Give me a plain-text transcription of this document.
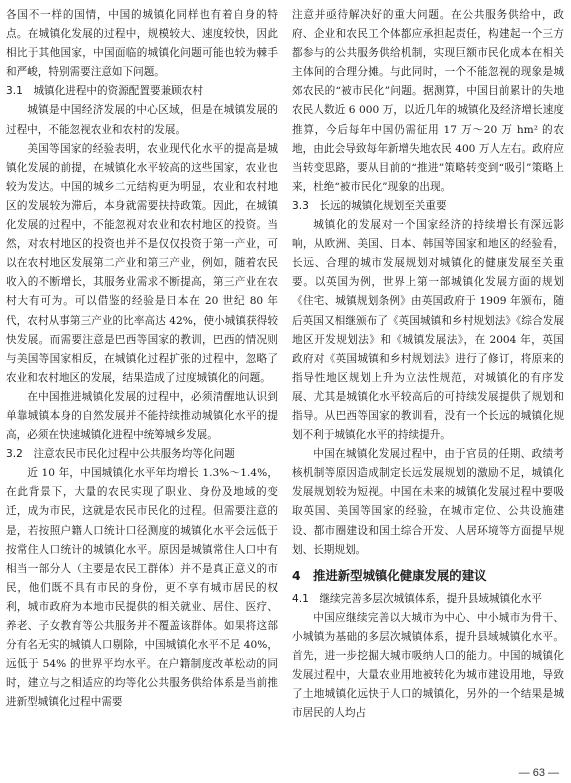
各国不一样的国情，中国的城镇化同样也有着自身的特点。在城镇化发展的过程中，规模较大、速度较快，因此相比于其他国家，中国面临的城镇化问题可能也较为棘手和严峻，特别需要注意如下问题。

3.1　城镇化进程中的资源配置要兼顾农村

城镇是中国经济发展的中心区域，但是在城镇发展的过程中，不能忽视农业和农村的发展。

美国等国家的经验表明，农业现代化水平的提高是城镇化发展的前提，在城镇化水平较高的这些国家，农业也较为发达。中国的城乡二元结构更为明显，农业和农村地区的发展较为滞后，本身就需要扶持政策。因此，在城镇化发展的过程中，不能忽视对农业和农村地区的投资。当然，对农村地区的投资也并不是仅仅投资于第一产业，可以在农村地区发展第二产业和第三产业，例如，随着农民收入的不断增长，其服务业需求不断提高，第三产业在农村大有可为。可以借鉴的经验是日本在 20 世纪 80 年代，农村从事第三产业的比率高达 42%，使小城镇获得较快发展。而需要注意是巴西等国家的教训，巴西的情况则与美国等国家相反，在城镇化过程扩张的过程中，忽略了农业和农村地区的发展，结果造成了过度城镇化的问题。

在中国推进城镇化发展的过程中，必须清醒地认识到单靠城镇本身的自然发展并不能持续推动城镇化水平的提高，必须在快速城镇化进程中统筹城乡发展。

3.2　注意农民市民化过程中公共服务均等化问题

近 10 年，中国城镇化水平年均增长 1.3%～1.4%，在此背景下，大量的农民实现了职业、身份及地域的变迁，成为市民，这就是农民市民化的过程。但需要注意的是，若按照户籍人口统计口径测度的城镇化水平会远低于按常住人口统计的城镇化水平。原因是城镇常住人口中有相当一部分人（主要是农民工群体）并不是真正意义的市民，他们既不具有市民的身份，更不享有城市居民的权利，城市政府为本地市民提供的相关就业、居住、医疗、养老、子女教育等公共服务并不覆盖该群体。如果将这部分有名无实的城镇人口剔除，中国城镇化水平不足 40%，远低于 54% 的世界平均水平。在户籍制度改革松动的同时，建立与之相适应的均等化公共服务供给体系是当前推进新型城镇化过程中需要

注意并亟待解决好的重大问题。在公共服务供给中，政府、企业和农民工个体都应承担起责任，构建起一个三方都参与的公共服务供给机制，实现巨额市民化成本在相关主体间的合理分摊。与此同时，一个不能忽视的现象是城郊农民的“被市民化”问题。据测算，中国目前累计的失地农民人数近 6 000 万，以近几年的城镇化及经济增长速度推算，今后每年中国仍需征用 17 万～20 万 hm² 的农地，由此会导致每年新增失地农民 400 万人左右。政府应当转变思路，要从目前的“推进”策略转变到“吸引”策略上来，杜绝“被市民化”现象的出现。

3.3　长远的城镇化规划至关重要

城镇化的发展对一个国家经济的持续增长有深远影响，从欧洲、美国、日本、韩国等国家和地区的经验看，长远、合理的城市发展规划对城镇化的健康发展至关重要。以英国为例，世界上第一部城镇化发展方面的规划《住宅、城镇规划条例》由英国政府于 1909 年颁布，随后英国又相继颁布了《英国城镇和乡村规划法》《综合发展地区开发规划法》和《城镇发展法》，在 2004 年，英国政府对《英国城镇和乡村规划法》进行了修订，将原来的指导性地区规划上升为立法性规范，对城镇化的有序发展、尤其是城镇化水平较高后的可持续发展提供了规划和指导。从巴西等国家的教训看，没有一个长远的城镇化规划不利于城镇化水平的持续提升。

中国在城镇化发展过程中，由于官员的任期、政绩考核机制等原因造成制定长远发展规划的激励不足，城镇化发展规划较为短视。中国在未来的城镇化发展过程中要吸取英国、美国等国家的经验，在城市定位、公共设施建设、都市圈建设和国土综合开发、人居环境等方面提早规划、长期规划。

4　推进新型城镇化健康发展的建议
4.1　继续完善多层次城镇体系，提升县域城镇化水平

中国应继续完善以大城市为中心、中小城市为骨干、小城镇为基础的多层次城镇体系，提升县域城镇化水平。首先，进一步挖掘大城市吸纳人口的能力。中国的城镇化发展过程中，大量农业用地被转化为城市建设用地，导致了土地城镇化远快于人口的城镇化，另外的一个结果是城市居民的人均占

— 63 —
